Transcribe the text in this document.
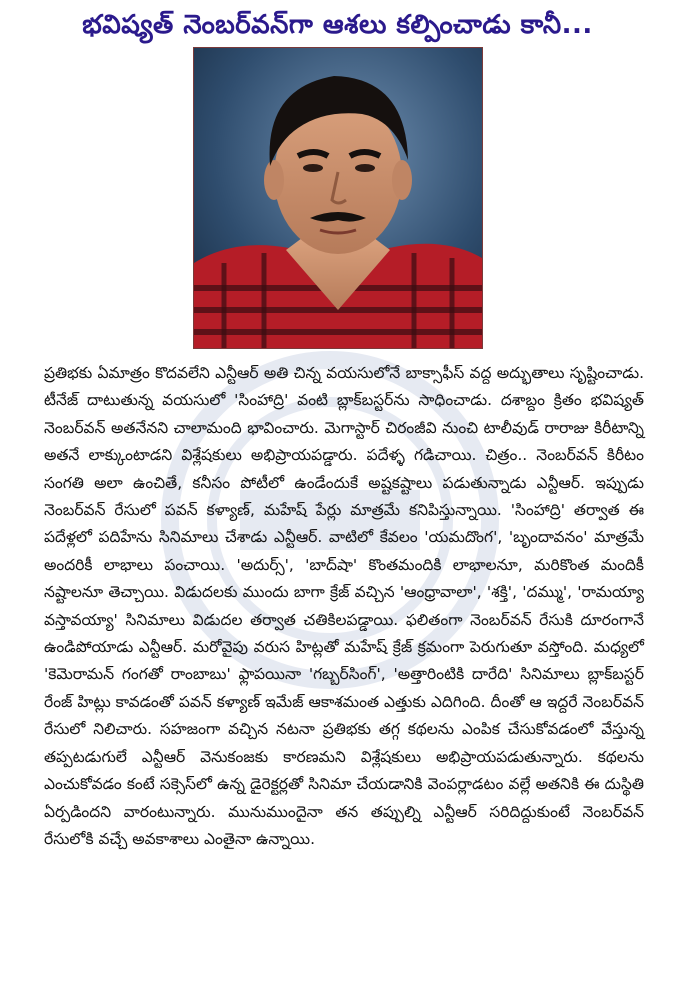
భవిష్యత్ నెంబర్‌వన్‌గా ఆశలు కల్పించాడు కానీ...

ప్రతిభకు ఏమాత్రం కొదవలేని ఎన్టీఆర్ అతి చిన్న వయసులోనే బాక్సాఫీస్ వద్ద అద్భుతాలు సృష్టించాడు. టీనేజ్ దాటుతున్న వయసులో 'సింహాద్రి' వంటి బ్లాక్‌బస్టర్‌ను సాధించాడు. దశాబ్దం క్రితం భవిష్యత్ నెంబర్‌వన్ అతనేనని చాలామంది భావించారు. మెగాస్టార్ చిరంజీవి నుంచి టాలీవుడ్ రారాజు కిరీటాన్ని అతనే లాక్కుంటాడని విశ్లేషకులు అభిప్రాయపడ్డారు. పదేళ్ళ గడిచాయి. చిత్రం.. నెంబర్‌వన్ కిరీటం సంగతి అలా ఉంచితే, కనీసం పోటీలో ఉండేందుకే అష్టకష్టాలు పడుతున్నాడు ఎన్టీఆర్. ఇప్పుడు నెంబర్‌వన్ రేసులో పవన్ కళ్యాణ్, మహేష్ పేర్లు మాత్రమే కనిపిస్తున్నాయి. 'సింహాద్రి' తర్వాత ఈ పదేళ్లలో పదిహేను సినిమాలు చేశాడు ఎన్టీఆర్. వాటిలో కేవలం 'యమదొంగ', 'బృందావనం' మాత్రమే అందరికీ లాభాలు పంచాయి. 'అదుర్స్', 'బాద్‌షా' కొంతమందికి లాభాలనూ, మరికొంత మందికీ నష్టాలనూ తెచ్చాయి. విడుదలకు ముందు బాగా క్రేజ్ వచ్చిన 'ఆంధ్రావాలా', 'శక్తి', 'దమ్ము', 'రామయ్యా వస్తావయ్యా' సినిమాలు విడుదల తర్వాత చతికిలపడ్డాయి. ఫలితంగా నెంబర్‌వన్ రేసుకి దూరంగానే ఉండిపోయాడు ఎన్టీఆర్. మరోవైపు వరుస హిట్లతో మహేష్ క్రేజ్ క్రమంగా పెరుగుతూ వస్తోంది. మధ్యలో 'కెమెరామన్ గంగతో రాంబాబు' ఫ్లాపయినా 'గబ్బర్‌సింగ్', 'అత్తారింటికి దారేది' సినిమాలు బ్లాక్‌బస్టర్ రేంజ్ హిట్లు కావడంతో పవన్ కళ్యాణ్ ఇమేజ్ ఆకాశమంత ఎత్తుకు ఎదిగింది. దీంతో ఆ ఇద్దరే నెంబర్‌వన్ రేసులో నిలిచారు. సహజంగా వచ్చిన నటనా ప్రతిభకు తగ్గ కథలను ఎంపిక చేసుకోవడంలో వేస్తున్న తప్పటడుగులే ఎన్టీఆర్ వెనుకంజకు కారణమని విశ్లేషకులు అభిప్రాయపడుతున్నారు. కథలను ఎంచుకోవడం కంటే సక్సెస్‌లో ఉన్న డైరెక్టర్లతో సినిమా చేయడానికి వెంపర్లాడటం వల్లే అతనికి ఈ దుస్థితి ఏర్పడిందని వారంటున్నారు. మునుముందైనా తన తప్పుల్ని ఎన్టీఆర్ సరిదిద్దుకుంటే నెంబర్‌వన్ రేసులోకి వచ్చే అవకాశాలు ఎంతైనా ఉన్నాయి.
